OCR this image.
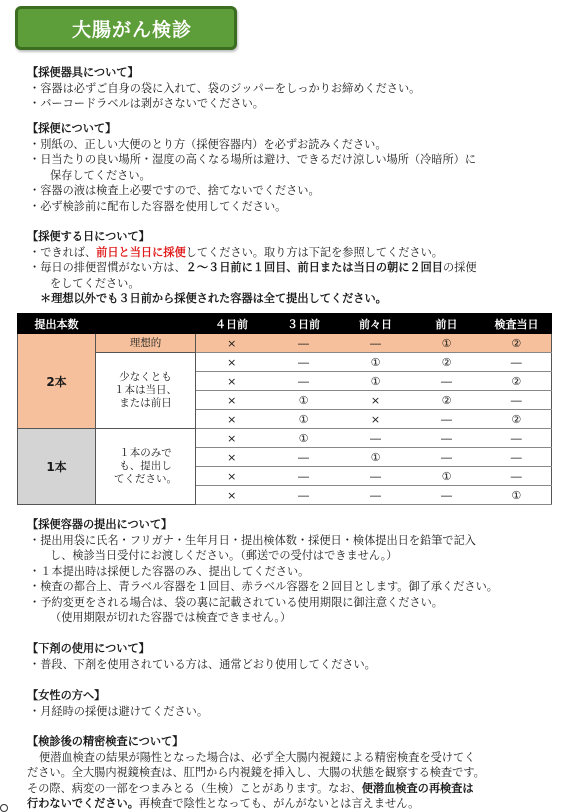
大腸がん検診
【採便器具について】
・容器は必ずご自身の袋に入れて、袋のジッパーをしっかりお締めください。
・バーコードラベルは剥がさないでください。
【採便について】
・別紙の、正しい大便のとり方（採便容器内）を必ずお読みください。
・日当たりの良い場所・湿度の高くなる場所は避け、できるだけ涼しい場所（冷暗所）に
保存してください。
・容器の液は検査上必要ですので、捨てないでください。
・必ず検診前に配布した容器を使用してください。
【採便する日について】
・できれば、前日と当日に採便してください。取り方は下記を参照してください。
・毎日の排便習慣がない方は、２～３日前に１回目、前日または当日の朝に２回目の採便
をしてください。
＊理想以外でも３日前から採便された容器は全て提出してください。
提出本数		４日前	３日前	前々日	前日	検査当日
2本	理想的	×	―	―	①	②
	少なくとも
１本は当日、
または前日	×	―	①	②	―
		×	―	①	―	②
		×	①	×	②	―
		×	①	×	―	②
1本	１本のみで
も、提出し
てください。	×	①	―	―	―
		×	―	①	―	―
		×	―	―	①	―
		×	―	―	―	①
【採便容器の提出について】
・提出用袋に氏名・フリガナ・生年月日・提出検体数・採便日・検体提出日を鉛筆で記入
し、検診当日受付にお渡しください。（郵送での受付はできません。）
・１本提出時は採便した容器のみ、提出してください。
・検査の都合上、青ラベル容器を１回目、赤ラベル容器を２回目とします。御了承ください。
・予約変更をされる場合は、袋の裏に記載されている使用期限に御注意ください。
（使用期限が切れた容器では検査できません。）
【下剤の使用について】
・普段、下剤を使用されている方は、通常どおり使用してください。
【女性の方へ】
・月経時の採便は避けてください。
【検診後の精密検査について】
便潜血検査の結果が陽性となった場合は、必ず全大腸内視鏡による精密検査を受けてく
ださい。全大腸内視鏡検査は、肛門から内視鏡を挿入し、大腸の状態を観察する検査です。
その際、病変の一部をつまみとる（生検）ことがあります。なお、便潜血検査の再検査は
行わないでください。再検査で陰性となっても、がんがないとは言えません。
